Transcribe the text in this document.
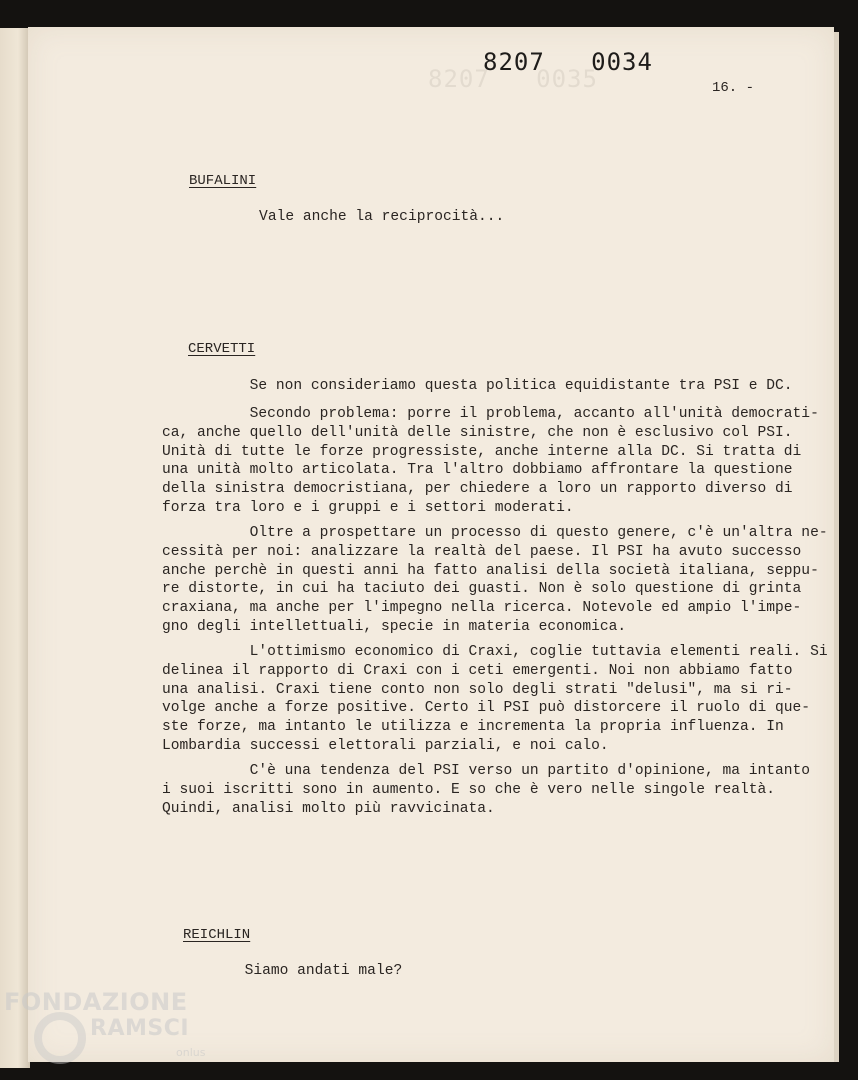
8207   0035
8207   0034
16. -
BUFALINI
Vale anche la reciprocità...
CERVETTI
Se non consideriamo questa politica equidistante tra PSI e DC.
Secondo problema: porre il problema, accanto all'unità democrati-
ca, anche quello dell'unità delle sinistre, che non è esclusivo col PSI.
Unità di tutte le forze progressiste, anche interne alla DC. Si tratta di
una unità molto articolata. Tra l'altro dobbiamo affrontare la questione
della sinistra democristiana, per chiedere a loro un rapporto diverso di
forza tra loro e i gruppi e i settori moderati.
Oltre a prospettare un processo di questo genere, c'è un'altra ne-
cessità per noi: analizzare la realtà del paese. Il PSI ha avuto successo
anche perchè in questi anni ha fatto analisi della società italiana, seppu-
re distorte, in cui ha taciuto dei guasti. Non è solo questione di grinta
craxiana, ma anche per l'impegno nella ricerca. Notevole ed ampio l'impe-
gno degli intellettuali, specie in materia economica.
L'ottimismo economico di Craxi, coglie tuttavia elementi reali. Si
delinea il rapporto di Craxi con i ceti emergenti. Noi non abbiamo fatto
una analisi. Craxi tiene conto non solo degli strati "delusi", ma si ri-
volge anche a forze positive. Certo il PSI può distorcere il ruolo di que-
ste forze, ma intanto le utilizza e incrementa la propria influenza. In
Lombardia successi elettorali parziali, e noi calo.
C'è una tendenza del PSI verso un partito d'opinione, ma intanto
i suoi iscritti sono in aumento. E so che è vero nelle singole realtà.
Quindi, analisi molto più ravvicinata.
REICHLIN
Siamo andati male?
FONDAZIONE
RAMSCI
onlus
